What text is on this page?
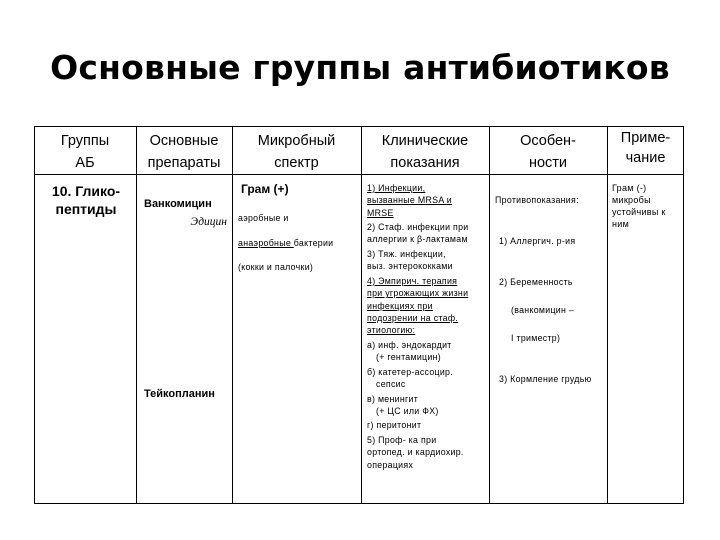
Основные группы антибиотиков
Группы
АБ
Основные
препараты
Микробный
спектр
Клинические
показания
Особен-
ности
Приме-
чание
10. Глико-
пептиды	Ванкомицин
Эдицин
Тейкопланин
Грам (+)

аэробные и

анаэробные бактерии

(кокки и палочки)

1) Инфекции,
вызванные MRSA и
MRSE
2) Стаф. инфекции при
аллергии к β-лактамам
3) Тяж. инфекции,
выз. энтерококками
4) Эмпирич. терапия
при угрожающих жизни
инфекциях при
подозрении на стаф.
этиологию:
а) инф. эндокардит
(+ гентамицин)
б) катетер-ассоцир.
сепсис
в) менингит
(+ ЦС или ФХ)
г) перитонит
5) Проф- ка при
ортопед. и кардиохир.
операциях

Противопоказания:

1) Аллергич. р-ия

2) Беременность

(ванкомицин –

I триместр)

3) Кормление грудью

Грам (-)
микробы
устойчивы к
ним
